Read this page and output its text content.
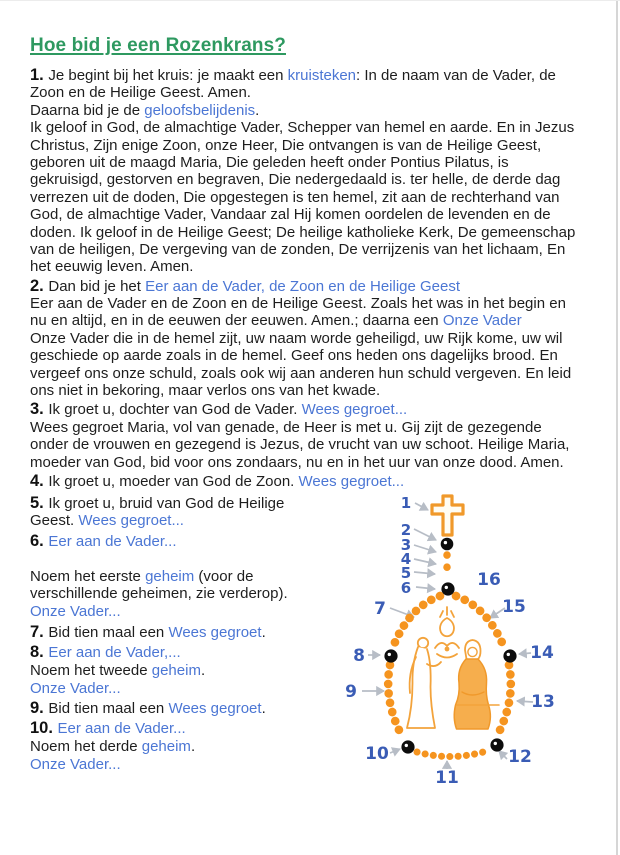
Hoe bid je een Rozenkrans?
1. Je begint bij het kruis: je maakt een kruisteken: In de naam van de Vader, de
Zoon en de Heilige Geest. Amen.
Daarna bid je de geloofsbelijdenis.
Ik geloof in God, de almachtige Vader, Schepper van hemel en aarde. En in Jezus
Christus, Zijn enige Zoon, onze Heer, Die ontvangen is van de Heilige Geest,
geboren uit de maagd Maria, Die geleden heeft onder Pontius Pilatus, is
gekruisigd, gestorven en begraven, Die nedergedaald is. ter helle, de derde dag
verrezen uit de doden, Die opgestegen is ten hemel, zit aan de rechterhand van
God, de almachtige Vader, Vandaar zal Hij komen oordelen de levenden en de
doden. Ik geloof in de Heilige Geest; De heilige katholieke Kerk, De gemeenschap
van de heiligen, De vergeving van de zonden, De verrijzenis van het lichaam, En
het eeuwig leven. Amen.
2. Dan bid je het Eer aan de Vader, de Zoon en de Heilige Geest
Eer aan de Vader en de Zoon en de Heilige Geest. Zoals het was in het begin en
nu en altijd, en in de eeuwen der eeuwen. Amen.; daarna een Onze Vader
Onze Vader die in de hemel zijt, uw naam worde geheiligd, uw Rijk kome, uw wil
geschiede op aarde zoals in de hemel. Geef ons heden ons dagelijks brood. En
vergeef ons onze schuld, zoals ook wij aan anderen hun schuld vergeven. En leid
ons niet in bekoring, maar verlos ons van het kwade.
3. Ik groet u, dochter van God de Vader. Wees gegroet...
Wees gegroet Maria, vol van genade, de Heer is met u. Gij zijt de gezegende
onder de vrouwen en gezegend is Jezus, de vrucht van uw schoot. Heilige Maria,
moeder van God, bid voor ons zondaars, nu en in het uur van onze dood. Amen.
4. Ik groet u, moeder van God de Zoon. Wees gegroet...
5. Ik groet u, bruid van God de Heilige
Geest. Wees gegroet...
6. Eer aan de Vader...
Noem het eerste geheim (voor de
verschillende geheimen, zie verderop).
Onze Vader...
7. Bid tien maal een Wees gegroet.
8. Eer aan de Vader,...
Noem het tweede geheim.
Onze Vader...
9. Bid tien maal een Wees gegroet.
10. Eer aan de Vader...
Noem het derde geheim.
Onze Vader...
1
2
3
4
5
6
7
8
9
10
11
12
13
14
15
16
